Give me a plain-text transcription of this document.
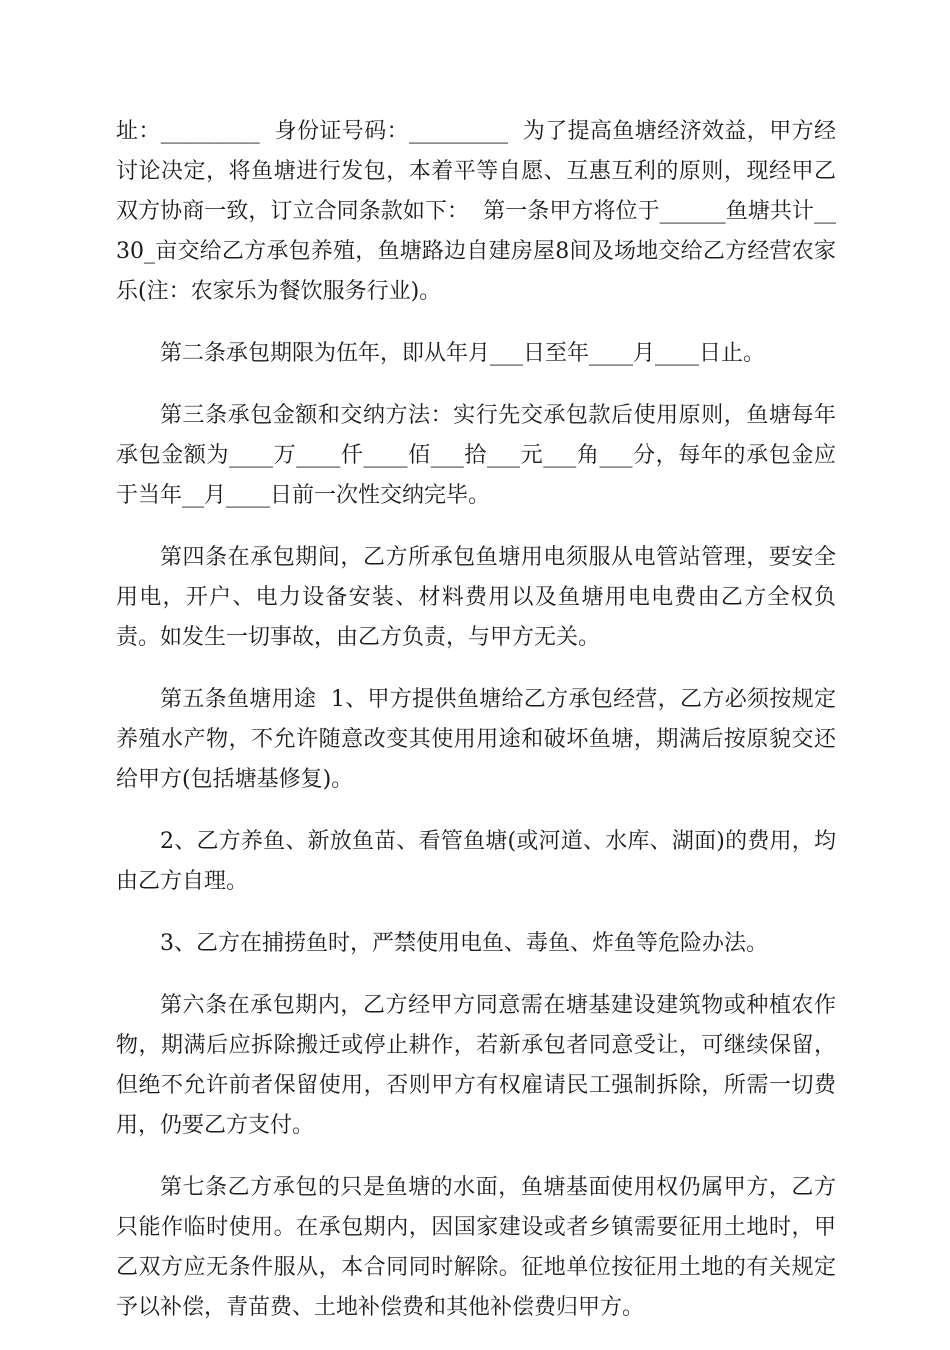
址：_________  身份证号码：_________  为了提高鱼塘经济效益，甲方经讨论决定，将鱼塘进行发包，本着平等自愿、互惠互利的原则，现经甲乙双方协商一致，订立合同条款如下：  第一条甲方将位于______鱼塘共计__30_亩交给乙方承包养殖，鱼塘路边自建房屋8间及场地交给乙方经营农家乐(注：农家乐为餐饮服务行业)。

第二条承包期限为伍年，即从年月___日至年____月____日止。

第三条承包金额和交纳方法：实行先交承包款后使用原则，鱼塘每年承包金额为____万____仟____佰___拾___元___角___分，每年的承包金应于当年__月____日前一次性交纳完毕。

第四条在承包期间，乙方所承包鱼塘用电须服从电管站管理，要安全用电，开户、电力设备安装、材料费用以及鱼塘用电电费由乙方全权负责。如发生一切事故，由乙方负责，与甲方无关。

第五条鱼塘用途  1、甲方提供鱼塘给乙方承包经营，乙方必须按规定养殖水产物，不允许随意改变其使用用途和破坏鱼塘，期满后按原貌交还给甲方(包括塘基修复)。

2、乙方养鱼、新放鱼苗、看管鱼塘(或河道、水库、湖面)的费用，均由乙方自理。

3、乙方在捕捞鱼时，严禁使用电鱼、毒鱼、炸鱼等危险办法。

第六条在承包期内，乙方经甲方同意需在塘基建设建筑物或种植农作物，期满后应拆除搬迁或停止耕作，若新承包者同意受让，可继续保留，但绝不允许前者保留使用，否则甲方有权雇请民工强制拆除，所需一切费用，仍要乙方支付。

第七条乙方承包的只是鱼塘的水面，鱼塘基面使用权仍属甲方，乙方只能作临时使用。在承包期内，因国家建设或者乡镇需要征用土地时，甲乙双方应无条件服从，本合同同时解除。征地单位按征用土地的有关规定予以补偿，青苗费、土地补偿费和其他补偿费归甲方。
